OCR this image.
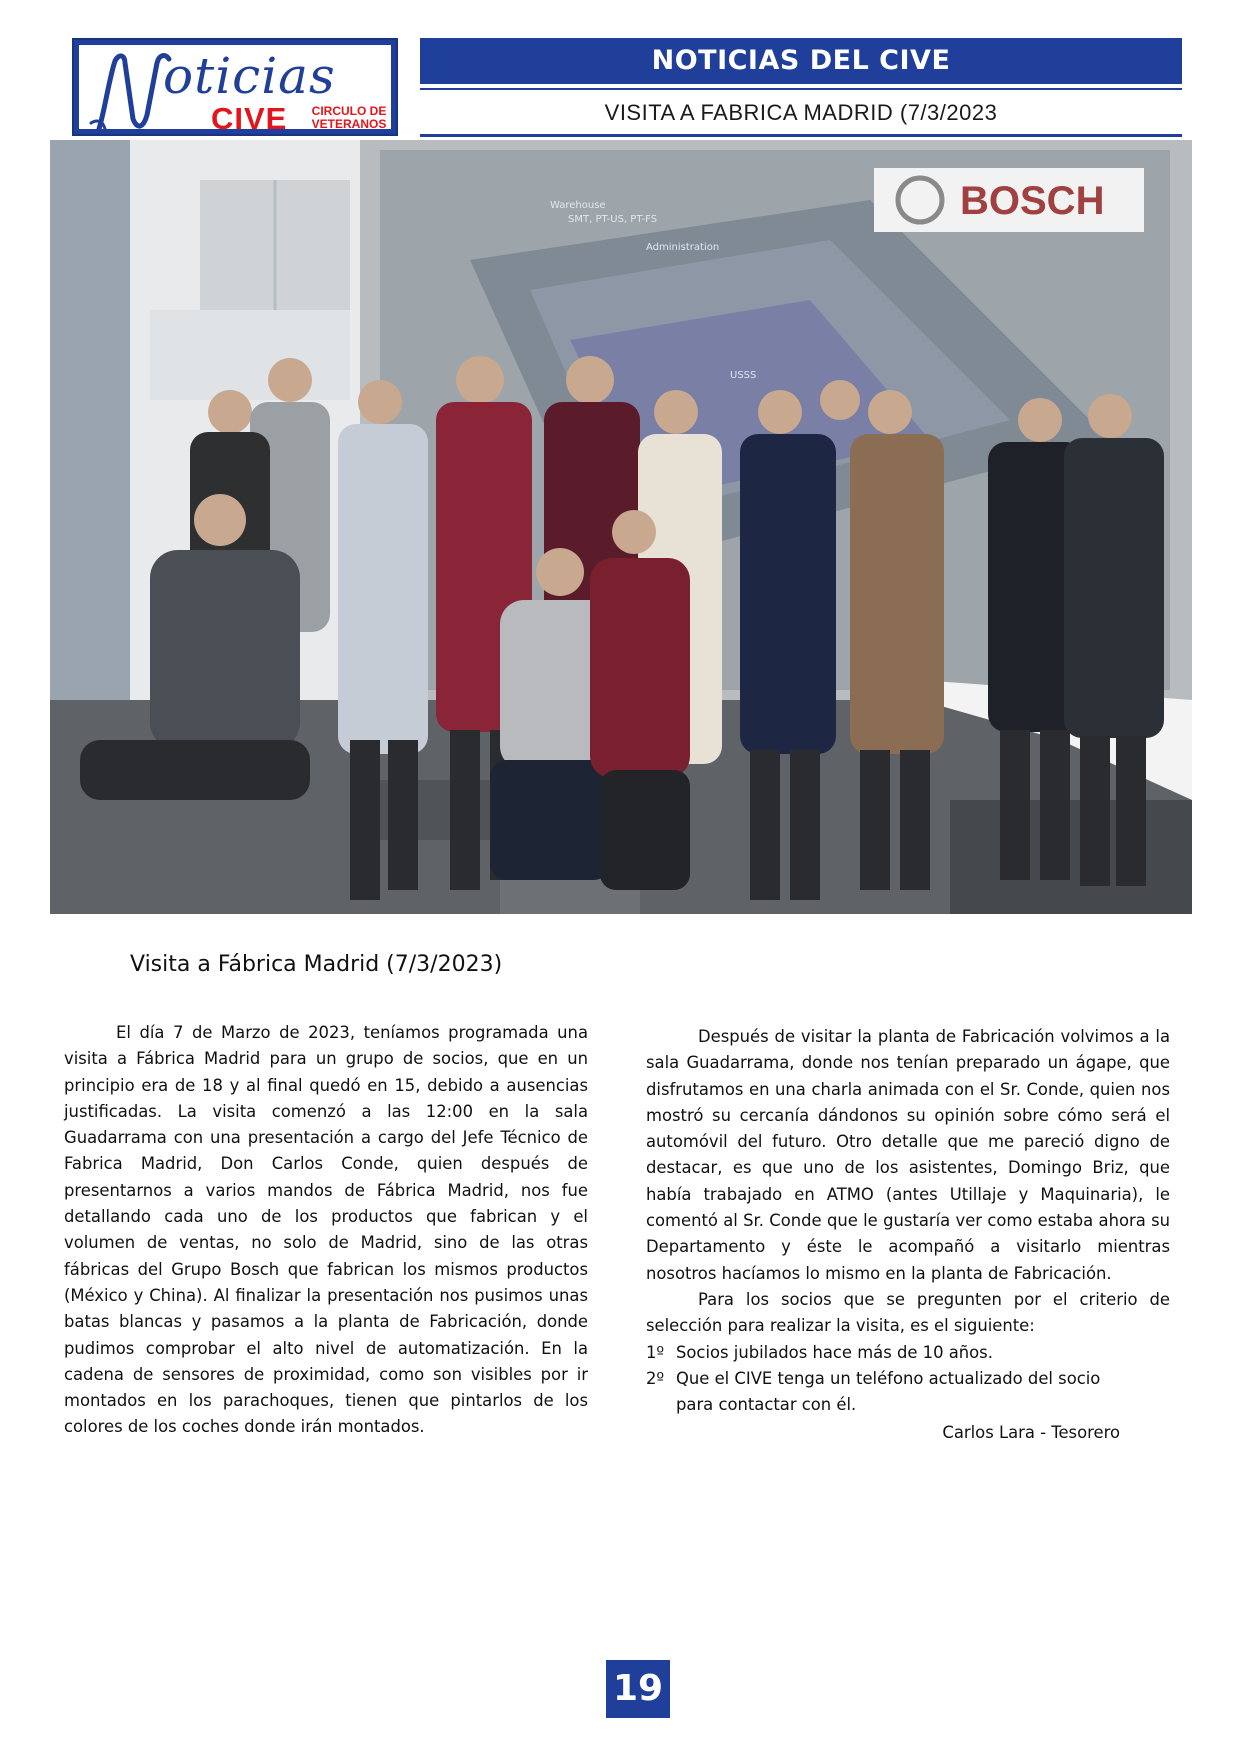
oticias
CIVE	CIRCULO DE
VETERANOS
NOTICIAS DEL CIVE
VISITA A FABRICA MADRID (7/3/2023
BOSCH
Warehouse
SMT, PT-US, PT-FS
Administration
USSS
Visita a Fábrica Madrid (7/3/2023)

El día 7 de Marzo de 2023, teníamos programada una visita a Fábrica Madrid para un grupo de socios, que en un principio era de 18 y al final quedó en 15, debido a ausencias justificadas. La visita comenzó a las 12:00 en la sala Guadarrama con una presentación a cargo del Jefe Técnico de Fabrica Madrid, Don Carlos Conde, quien después de presentarnos a varios mandos de Fábrica Madrid, nos fue detallando cada uno de los productos que fabrican y el volumen de ventas, no solo de Madrid, sino de las otras fábricas del Grupo Bosch que fabrican los mismos productos (México y China). Al finalizar la presentación nos pusimos unas batas blancas y pasamos a la planta de Fabricación, donde pudimos comprobar el alto nivel de automatización. En la cadena de sensores de proximidad, como son visibles por ir montados en los parachoques, tienen que pintarlos de los colores de los coches donde irán montados.

Después de visitar la planta de Fabricación volvimos a la sala Guadarrama, donde nos tenían preparado un ágape, que disfrutamos en una charla animada con el Sr. Conde, quien nos mostró su cercanía dándonos su opinión sobre cómo será el automóvil del futuro. Otro detalle que me pareció digno de destacar, es que uno de los asistentes, Domingo Briz, que había trabajado en ATMO (antes Utillaje y Maquinaria), le comentó al Sr. Conde que le gustaría ver como estaba ahora su Departamento y éste le acompañó a visitarlo mientras nosotros hacíamos lo mismo en la planta de Fabricación.

Para los socios que se pregunten por el criterio de selección para realizar la visita, es el siguiente:

1º Socios jubilados hace más de 10 años.
2º Que el CIVE tenga un teléfono actualizado del socio
para contactar con él.
Carlos Lara - Tesorero
19
